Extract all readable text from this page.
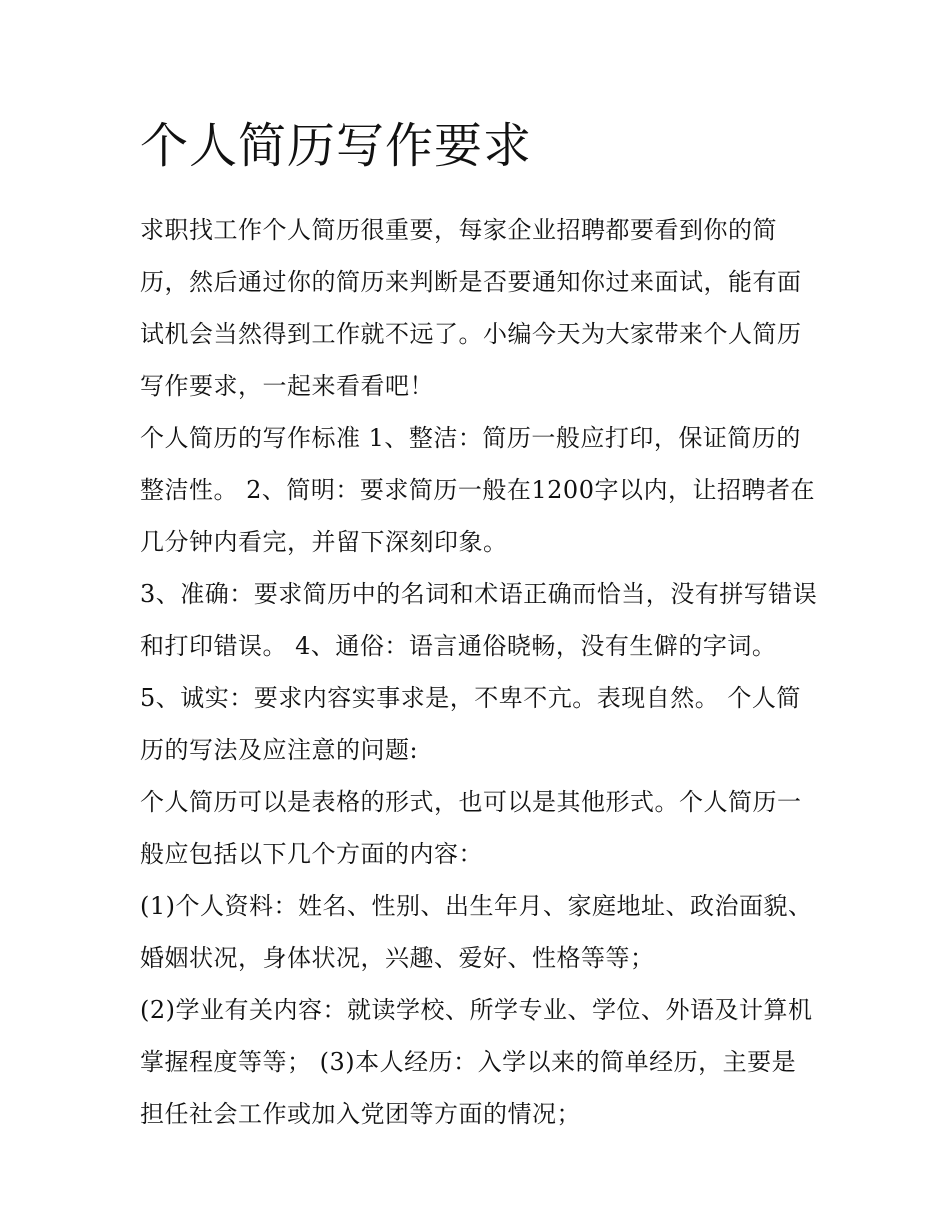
个人简历写作要求

求职找工作个人简历很重要，每家企业招聘都要看到你的简历，然后通过你的简历来判断是否要通知你过来面试，能有面试机会当然得到工作就不远了。小编今天为大家带来个人简历写作要求，一起来看看吧！

个人简历的写作标准 1、整洁：简历一般应打印，保证简历的整洁性。 2、简明：要求简历一般在1200字以内，让招聘者在几分钟内看完，并留下深刻印象。

3、准确：要求简历中的名词和术语正确而恰当，没有拼写错误和打印错误。 4、通俗：语言通俗晓畅，没有生僻的字词。 5、诚实：要求内容实事求是，不卑不亢。表现自然。 个人简历的写法及应注意的问题:

个人简历可以是表格的形式，也可以是其他形式。个人简历一般应包括以下几个方面的内容：

(1)个人资料：姓名、性别、出生年月、家庭地址、政治面貌、婚姻状况，身体状况，兴趣、爱好、性格等等；

(2)学业有关内容：就读学校、所学专业、学位、外语及计算机掌握程度等等； (3)本人经历：入学以来的简单经历，主要是担任社会工作或加入党团等方面的情况；
